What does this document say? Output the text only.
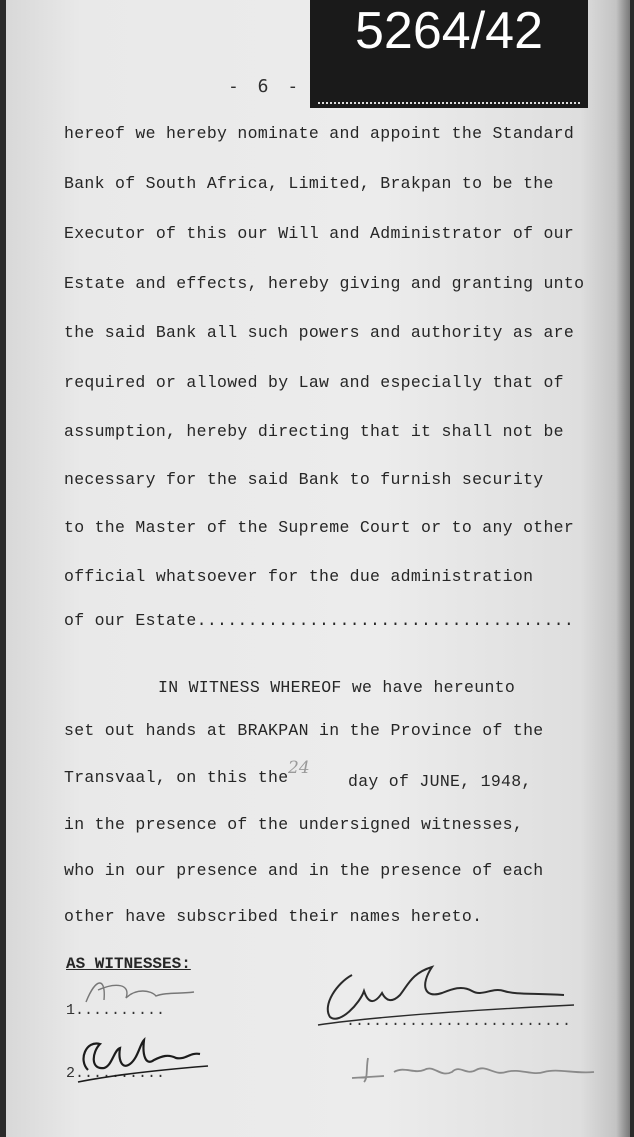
5264/42
- 6 -
hereof we hereby nominate and appoint the Standard
Bank of South Africa, Limited, Brakpan to be the
Executor of this our Will and Administrator of our
Estate and effects, hereby giving and granting unto
the said Bank all such powers and authority as are
required or allowed by Law and especially that of
assumption, hereby directing that it shall not be
necessary for the said Bank to furnish security
to the Master of the Supreme Court or to any other
official whatsoever for the due administration
of our Estate.....................................
IN WITNESS WHEREOF we have hereunto
set out hands at BRAKPAN in the Province of the
Transvaal, on this the 24
day of JUNE, 1948,
in the presence of the undersigned witnesses,
who in our presence and in the presence of each
other have subscribed their names hereto.
AS WITNESSES:
1..........
2..........
.........................
